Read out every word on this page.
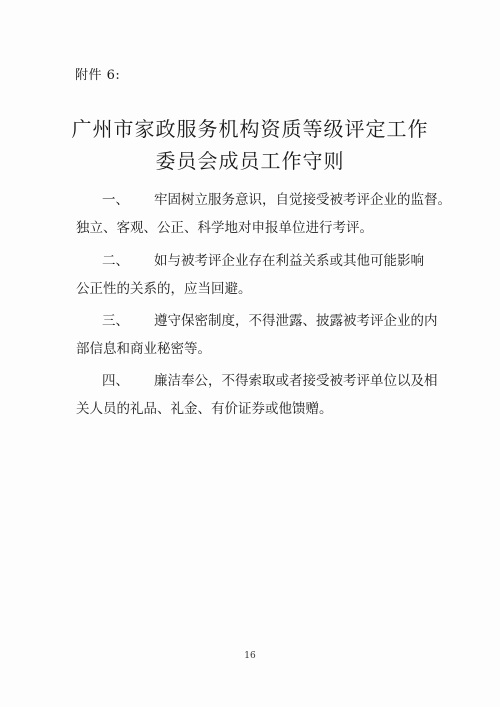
附件 6:
广州市家政服务机构资质等级评定工作
委员会成员工作守则
一、 牢固树立服务意识，自觉接受被考评企业的监督。
独立、客观、公正、科学地对申报单位进行考评。
二、 如与被考评企业存在利益关系或其他可能影响
公正性的关系的，应当回避。
三、 遵守保密制度，不得泄露、披露被考评企业的内
部信息和商业秘密等。
四、 廉洁奉公，不得索取或者接受被考评单位以及相
关人员的礼品、礼金、有价证券或他馈赠。
16
